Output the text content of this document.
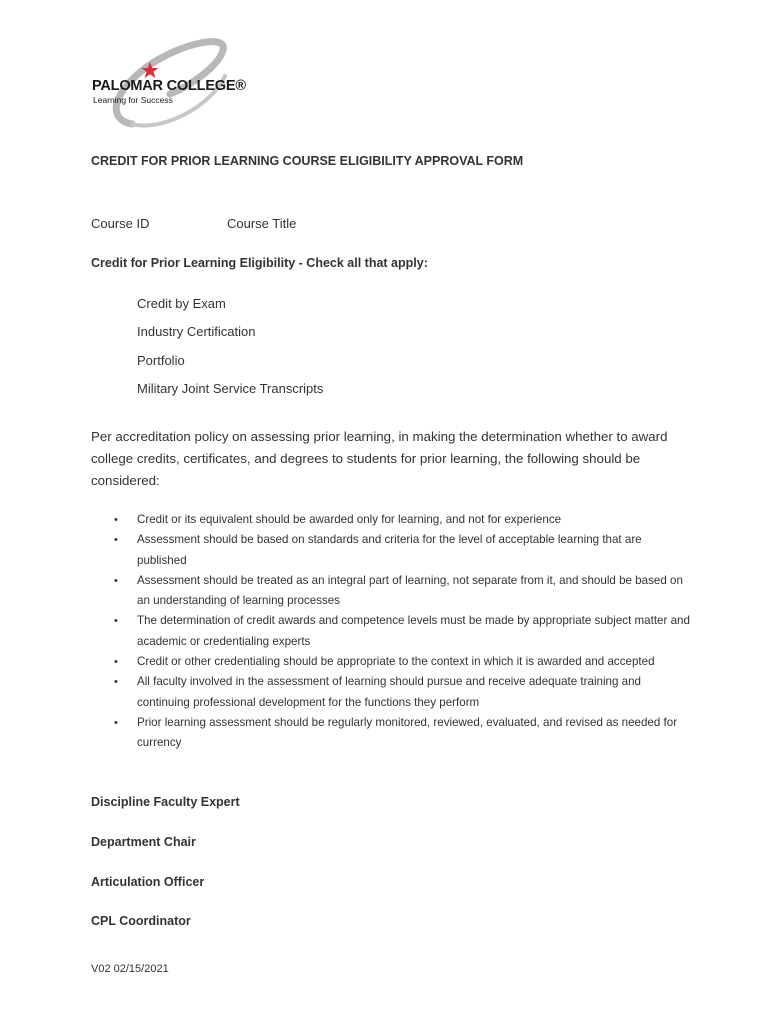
PALOMAR COLLEGE®
Learning for Success
CREDIT FOR PRIOR LEARNING COURSE ELIGIBILITY APPROVAL FORM
Course ID	Course Title
Credit for Prior Learning Eligibility - Check all that apply:
Credit by Exam
Industry Certification
Portfolio
Military Joint Service Transcripts
Per accreditation policy on assessing prior learning, in making the determination whether to award college credits, certificates, and degrees to students for prior learning, the following should be considered:
• Credit or its equivalent should be awarded only for learning, and not for experience
• Assessment should be based on standards and criteria for the level of acceptable learning that are published
• Assessment should be treated as an integral part of learning, not separate from it, and should be based on an understanding of learning processes
• The determination of credit awards and competence levels must be made by appropriate subject matter and academic or credentialing experts
• Credit or other credentialing should be appropriate to the context in which it is awarded and accepted
• All faculty involved in the assessment of learning should pursue and receive adequate training and continuing professional development for the functions they perform
• Prior learning assessment should be regularly monitored, reviewed, evaluated, and revised as needed for currency
Discipline Faculty Expert
Department Chair
Articulation Officer
CPL Coordinator
V02 02/15/2021
